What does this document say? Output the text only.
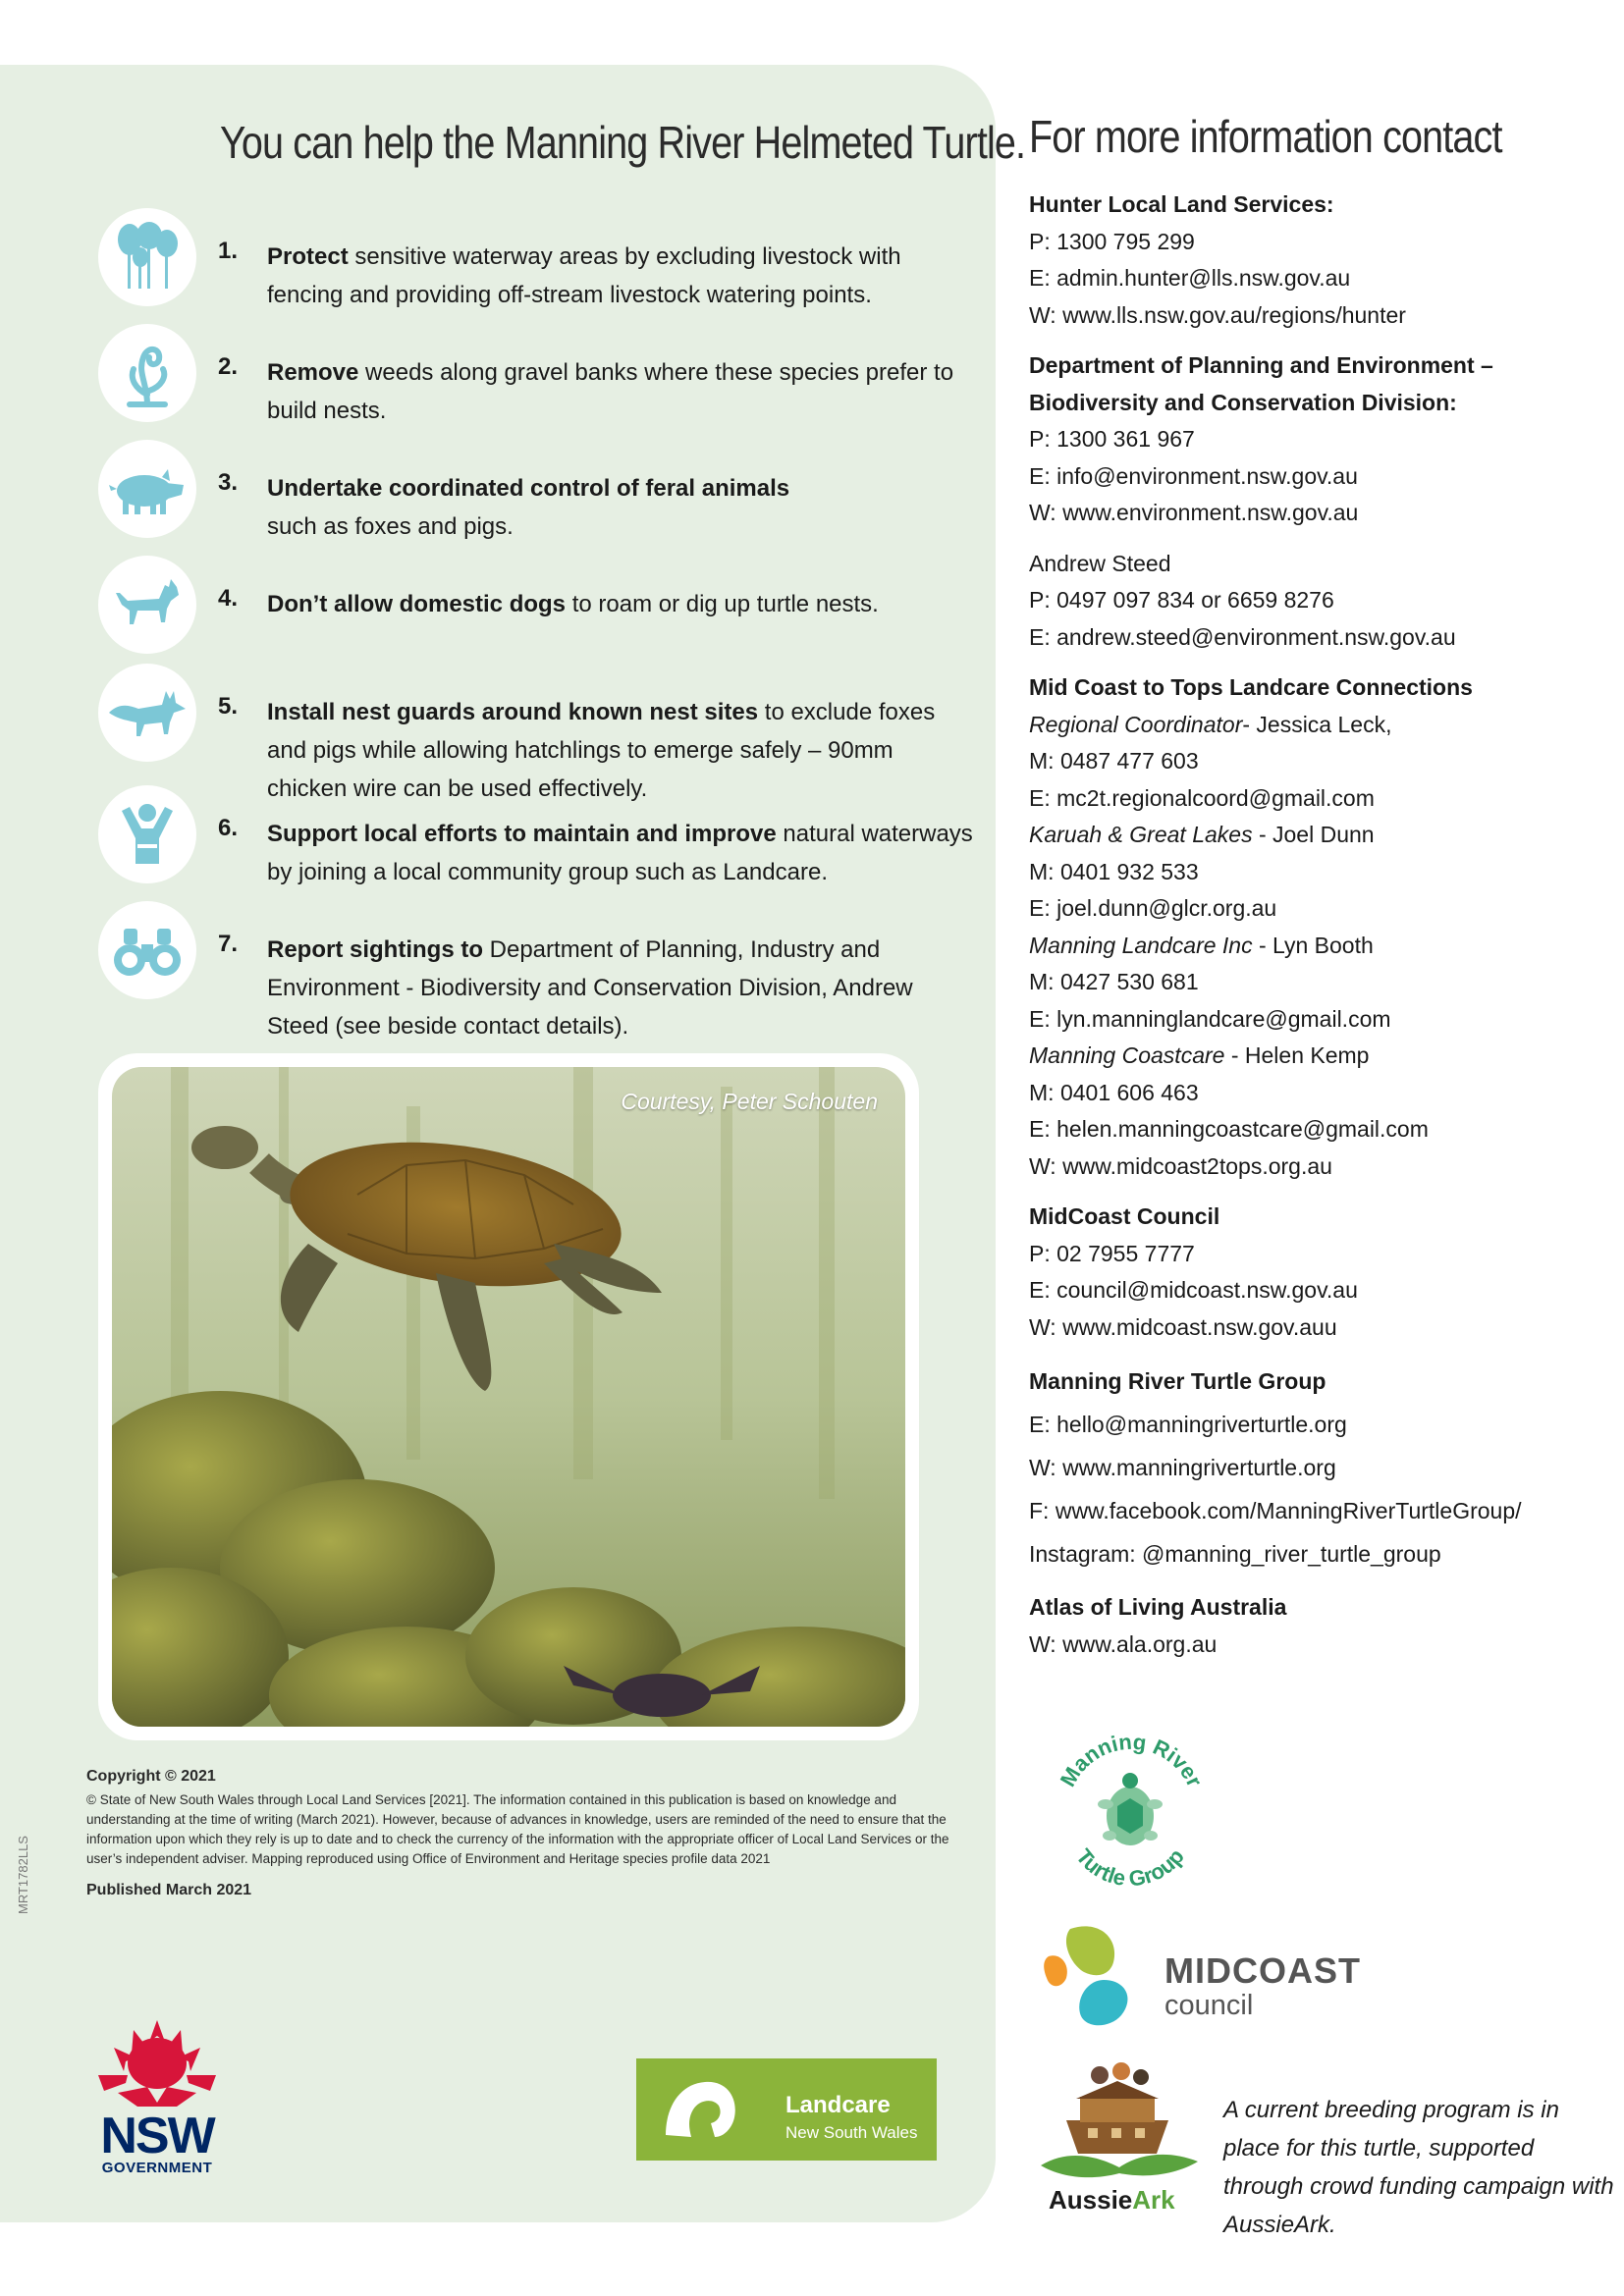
You can help the Manning River Helmeted Turtle.
1. Protect sensitive waterway areas by excluding livestock with fencing and providing off-stream livestock watering points.
2. Remove weeds along gravel banks where these species prefer to build nests.
3. Undertake coordinated control of feral animals
such as foxes and pigs.
4. Don’t allow domestic dogs to roam or dig up turtle nests.
5. Install nest guards around known nest sites to exclude foxes and pigs while allowing hatchlings to emerge safely – 90mm chicken wire can be used effectively.
6. Support local efforts to maintain and improve natural waterways by joining a local community group such as Landcare.
7. Report sightings to Department of Planning, Industry and Environment - Biodiversity and Conservation Division, Andrew Steed (see beside contact details).
Courtesy, Peter Schouten
Copyright © 2021
© State of New South Wales through Local Land Services [2021]. The information contained in this publication is based on knowledge and understanding at the time of writing (March 2021). However, because of advances in knowledge, users are reminded of the need to ensure that the information upon which they rely is up to date and to check the currency of the information with the appropriate officer of Local Land Services or the user’s independent adviser. Mapping reproduced using Office of Environment and Heritage species profile data 2021
Published March 2021
MRT1782LLS
NSW
GOVERNMENT
Landcare
New South Wales
For more information contact
Hunter Local Land Services:
P: 1300 795 299
E: admin.hunter@lls.nsw.gov.au
W: www.lls.nsw.gov.au/regions/hunter
Department of Planning and Environment – Biodiversity and Conservation Division:
P: 1300 361 967
E: info@environment.nsw.gov.au
W: www.environment.nsw.gov.au
Andrew Steed
P: 0497 097 834 or 6659 8276
E: andrew.steed@environment.nsw.gov.au
Mid Coast to Tops Landcare Connections
Regional Coordinator- Jessica Leck,
M: 0487 477 603
E: mc2t.regionalcoord@gmail.com
Karuah & Great Lakes - Joel Dunn
M: 0401 932 533
E: joel.dunn@glcr.org.au
Manning Landcare Inc - Lyn Booth
M: 0427 530 681
E: lyn.manninglandcare@gmail.com
Manning Coastcare - Helen Kemp
M: 0401 606 463
E: helen.manningcoastcare@gmail.com
W: www.midcoast2tops.org.au
MidCoast Council
P: 02 7955 7777
E: council@midcoast.nsw.gov.au
W: www.midcoast.nsw.gov.auu
Manning River Turtle Group
E: hello@manningriverturtle.org
W: www.manningriverturtle.org
F: www.facebook.com/ManningRiverTurtleGroup/
Instagram: @manning_river_turtle_group
Atlas of Living Australia
W: www.ala.org.au
Manning River
Turtle Group
MIDCOAST
council
AussieArk
A current breeding program is in place for this turtle, supported through crowd funding campaign with AussieArk.
